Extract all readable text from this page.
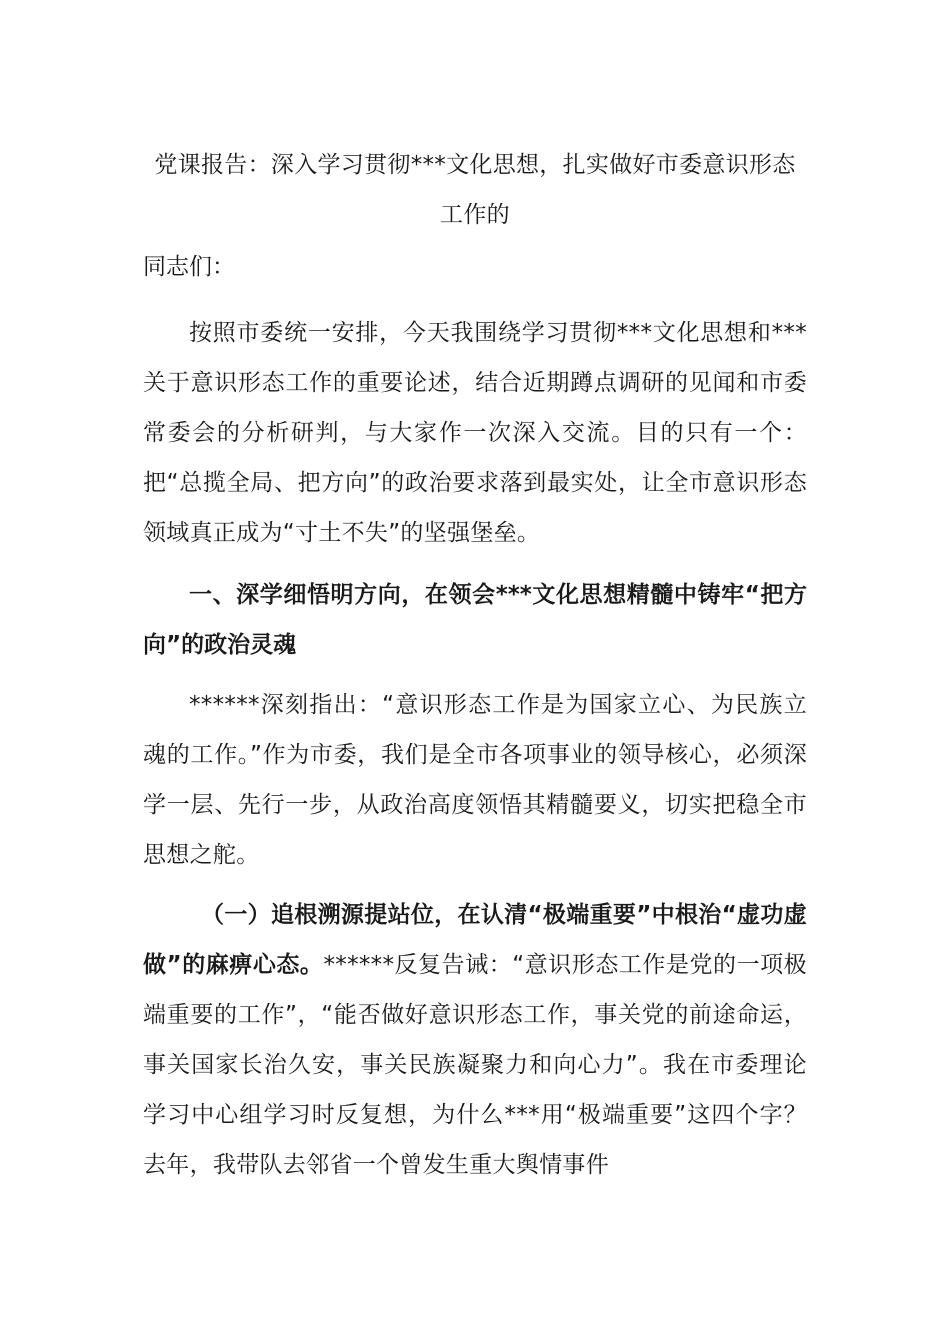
党课报告：深入学习贯彻***文化思想，扎实做好市委意识形态工作的

同志们：

按照市委统一安排，今天我围绕学习贯彻***文化思想和***关于意识形态工作的重要论述，结合近期蹲点调研的见闻和市委常委会的分析研判，与大家作一次深入交流。目的只有一个：把“总揽全局、把方向”的政治要求落到最实处，让全市意识形态领域真正成为“寸土不失”的坚强堡垒。

一、深学细悟明方向，在领会***文化思想精髓中铸牢“把方向”的政治灵魂

******深刻指出：“意识形态工作是为国家立心、为民族立魂的工作。”作为市委，我们是全市各项事业的领导核心，必须深学一层、先行一步，从政治高度领悟其精髓要义，切实把稳全市思想之舵。

（一）追根溯源提站位，在认清“极端重要”中根治“虚功虚做”的麻痹心态。******反复告诫：“意识形态工作是党的一项极端重要的工作”，“能否做好意识形态工作，事关党的前途命运，事关国家长治久安，事关民族凝聚力和向心力”。我在市委理论学习中心组学习时反复想，为什么***用“极端重要”这四个字？去年，我带队去邻省一个曾发生重大舆情事件
